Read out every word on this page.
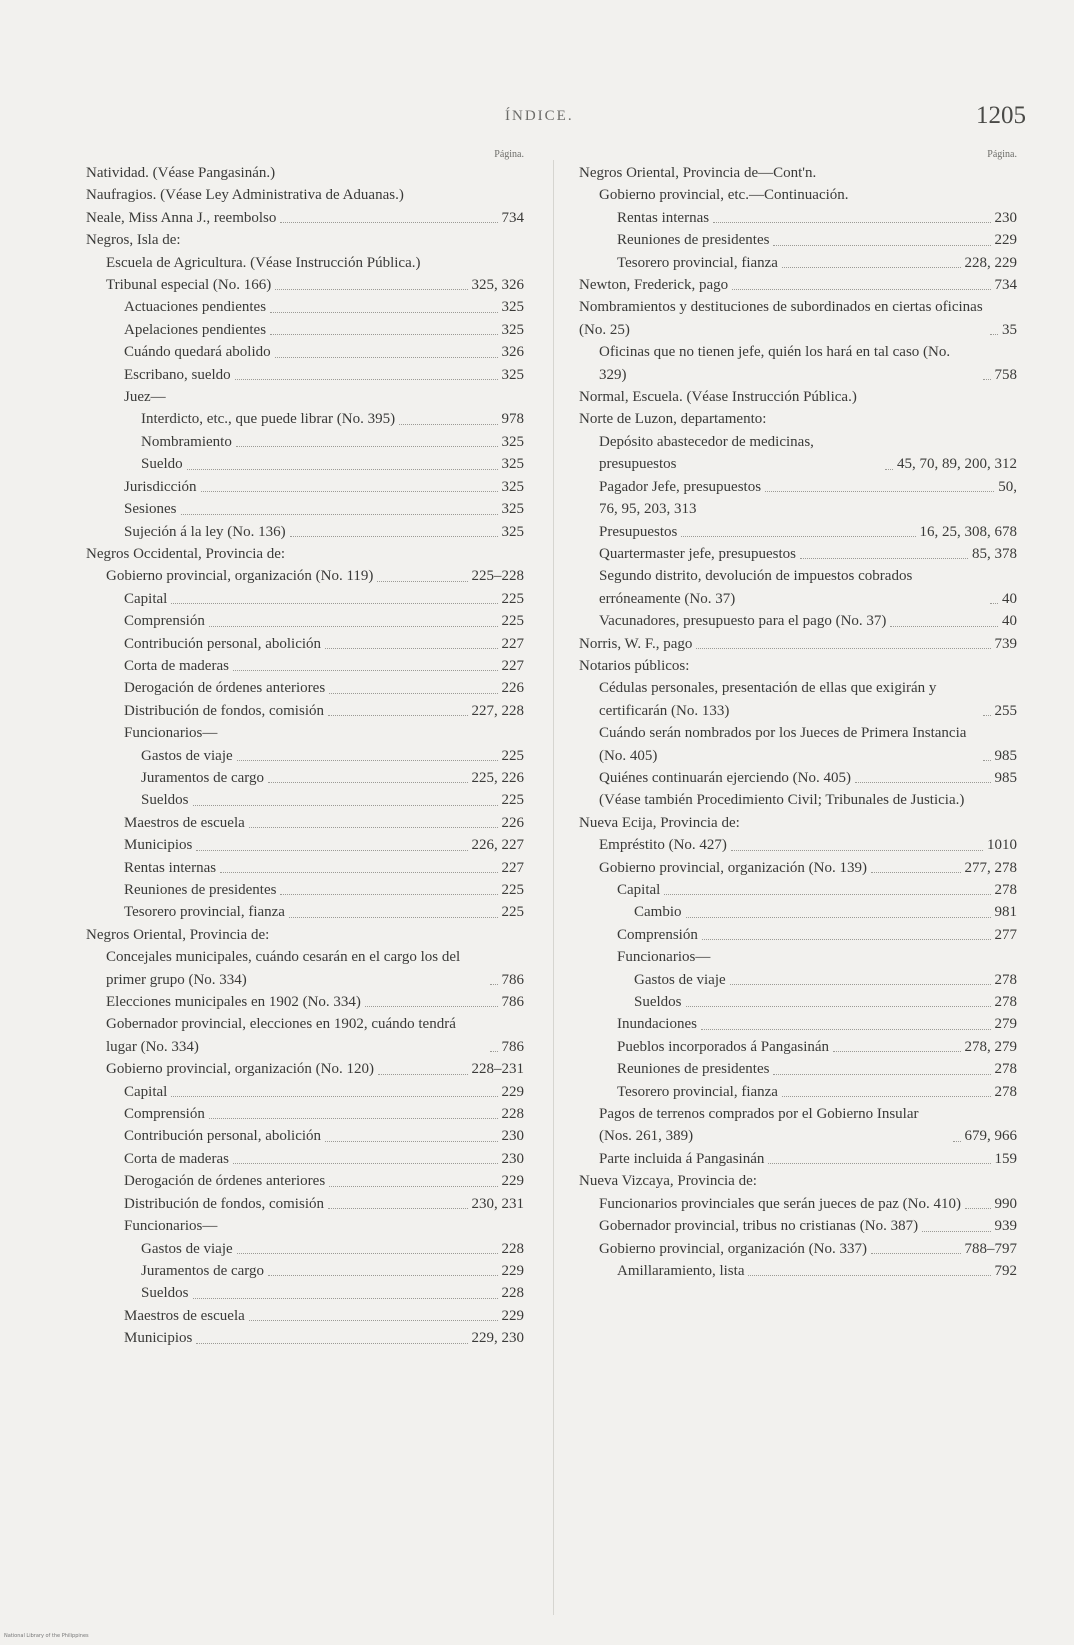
ÍNDICE.	1205
Página.
Natividad. (Véase Pangasinán.)
Naufragios. (Véase Ley Administrativa de Aduanas.)
Neale, Miss Anna J., reembolso	734
Negros, Isla de:
Escuela de Agricultura. (Véase Instrucción Pública.)
Tribunal especial (No. 166)	325, 326
Actuaciones pendientes	325
Apelaciones pendientes	325
Cuándo quedará abolido	326
Escribano, sueldo	325
Juez—
Interdicto, etc., que puede librar (No. 395)	978
Nombramiento	325
Sueldo	325
Jurisdicción	325
Sesiones	325
Sujeción á la ley (No. 136)	325
Negros Occidental, Provincia de:
Gobierno provincial, organización (No. 119)	225–228
Capital	225
Comprensión	225
Contribución personal, abolición	227
Corta de maderas	227
Derogación de órdenes anteriores	226
Distribución de fondos, comisión	227, 228
Funcionarios—
Gastos de viaje	225
Juramentos de cargo	225, 226
Sueldos	225
Maestros de escuela	226
Municipios	226, 227
Rentas internas	227
Reuniones de presidentes	225
Tesorero provincial, fianza	225
Negros Oriental, Provincia de:
Concejales municipales, cuándo cesarán en el cargo los del primer grupo (No. 334)	786
Elecciones municipales en 1902 (No. 334)	786
Gobernador provincial, elecciones en 1902, cuándo tendrá lugar (No. 334)	786
Gobierno provincial, organización (No. 120)	228–231
Capital	229
Comprensión	228
Contribución personal, abolición	230
Corta de maderas	230
Derogación de órdenes anteriores	229
Distribución de fondos, comisión	230, 231
Funcionarios—
Gastos de viaje	228
Juramentos de cargo	229
Sueldos	228
Maestros de escuela	229
Municipios	229, 230
Página.
Negros Oriental, Provincia de—Cont'n.
Gobierno provincial, etc.—Continuación.
Rentas internas	230
Reuniones de presidentes	229
Tesorero provincial, fianza	228, 229
Newton, Frederick, pago	734
Nombramientos y destituciones de subordinados en ciertas oficinas (No. 25)	35
Oficinas que no tienen jefe, quién los hará en tal caso (No. 329)	758
Normal, Escuela. (Véase Instrucción Pública.)
Norte de Luzon, departamento:
Depósito abastecedor de medicinas, presupuestos	45, 70, 89, 200, 312
Pagador Jefe, presupuestos	50,
76, 95, 203, 313
Presupuestos	16, 25, 308, 678
Quartermaster jefe, presupuestos	85, 378
Segundo distrito, devolución de impuestos cobrados erróneamente (No. 37)	40
Vacunadores, presupuesto para el pago (No. 37)	40
Norris, W. F., pago	739
Notarios públicos:
Cédulas personales, presentación de ellas que exigirán y certificarán (No. 133)	255
Cuándo serán nombrados por los Jueces de Primera Instancia (No. 405)	985
Quiénes continuarán ejerciendo (No. 405)	985
(Véase también Procedimiento Civil; Tribunales de Justicia.)
Nueva Ecija, Provincia de:
Empréstito (No. 427)	1010
Gobierno provincial, organización (No. 139)	277, 278
Capital	278
Cambio	981
Comprensión	277
Funcionarios—
Gastos de viaje	278
Sueldos	278
Inundaciones	279
Pueblos incorporados á Pangasinán	278, 279
Reuniones de presidentes	278
Tesorero provincial, fianza	278
Pagos de terrenos comprados por el Gobierno Insular (Nos. 261, 389)	679, 966
Parte incluida á Pangasinán	159
Nueva Vizcaya, Provincia de:
Funcionarios provinciales que serán jueces de paz (No. 410) 990
Gobernador provincial, tribus no cristianas (No. 387)	939
Gobierno provincial, organización (No. 337)	788–797
Amillaramiento, lista	792
National Library of the Philippines
